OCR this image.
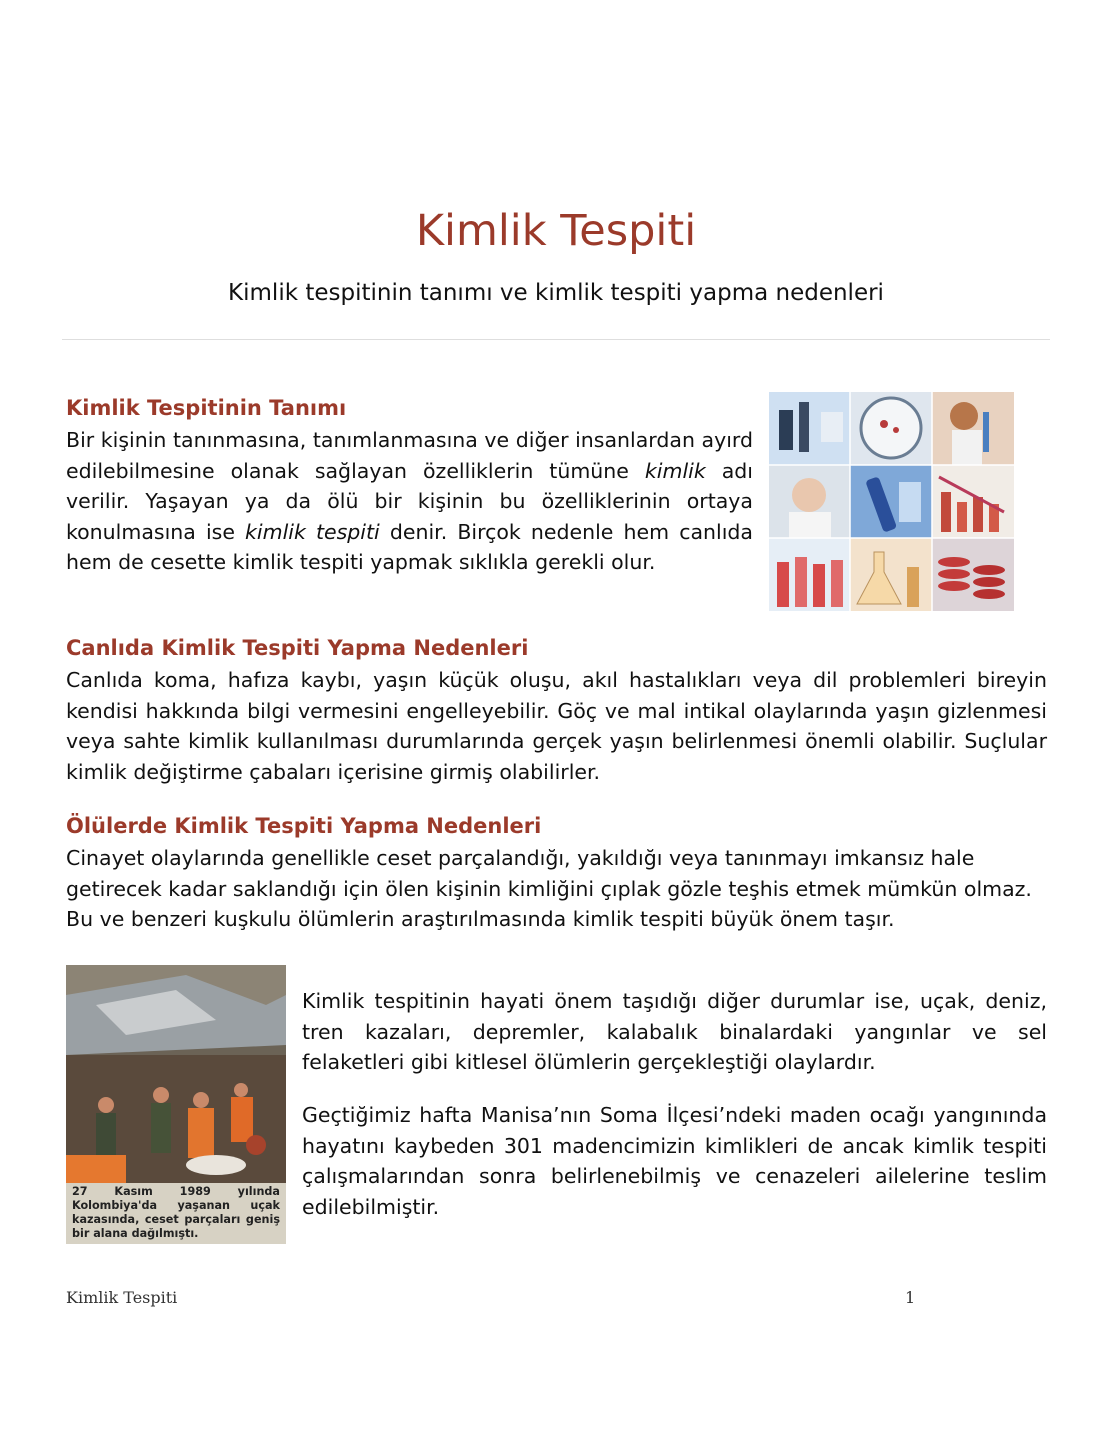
Kimlik Tespiti

Kimlik tespitinin tanımı ve kimlik tespiti yapma nedenleri

Kimlik Tespitinin Tanımı

Bir kişinin tanınmasına, tanımlanmasına ve diğer insanlardan ayırd edilebilmesine olanak sağlayan özelliklerin tümüne kimlik adı verilir. Yaşayan ya da ölü bir kişinin bu özelliklerinin ortaya konulmasına ise kimlik tespiti denir. Birçok nedenle hem canlıda hem de cesette kimlik tespiti yapmak sıklıkla gerekli olur.

Canlıda Kimlik Tespiti Yapma Nedenleri

Canlıda koma, hafıza kaybı, yaşın küçük oluşu, akıl hastalıkları veya dil problemleri bireyin kendisi hakkında bilgi vermesini engelleyebilir. Göç ve mal intikal olaylarında yaşın gizlenmesi veya sahte kimlik kullanılması durumlarında gerçek yaşın belirlenmesi önemli olabilir. Suçlular kimlik değiştirme çabaları içerisine girmiş olabilirler.

Ölülerde Kimlik Tespiti Yapma Nedenleri

Cinayet olaylarında genellikle ceset parçalandığı, yakıldığı veya tanınmayı imkansız hale getirecek kadar saklandığı için ölen kişinin kimliğini çıplak gözle teşhis etmek mümkün olmaz. Bu ve benzeri kuşkulu ölümlerin araştırılmasında kimlik tespiti büyük önem taşır.

27 Kasım 1989 yılında Kolombiya'da yaşanan uçak kazasında, ceset parçaları geniş bir alana dağılmıştı.

Kimlik tespitinin hayati önem taşıdığı diğer durumlar ise, uçak, deniz, tren kazaları, depremler, kalabalık binalardaki yangınlar ve sel felaketleri gibi kitlesel ölümlerin gerçekleştiği olaylardır.

Geçtiğimiz hafta Manisa’nın Soma İlçesi’ndeki maden ocağı yangınında hayatını kaybeden 301 madencimizin kimlikleri de ancak kimlik tespiti çalışmalarından sonra belirlenebilmiş ve cenazeleri ailelerine teslim edilebilmiştir.

Kimlik Tespiti	1
